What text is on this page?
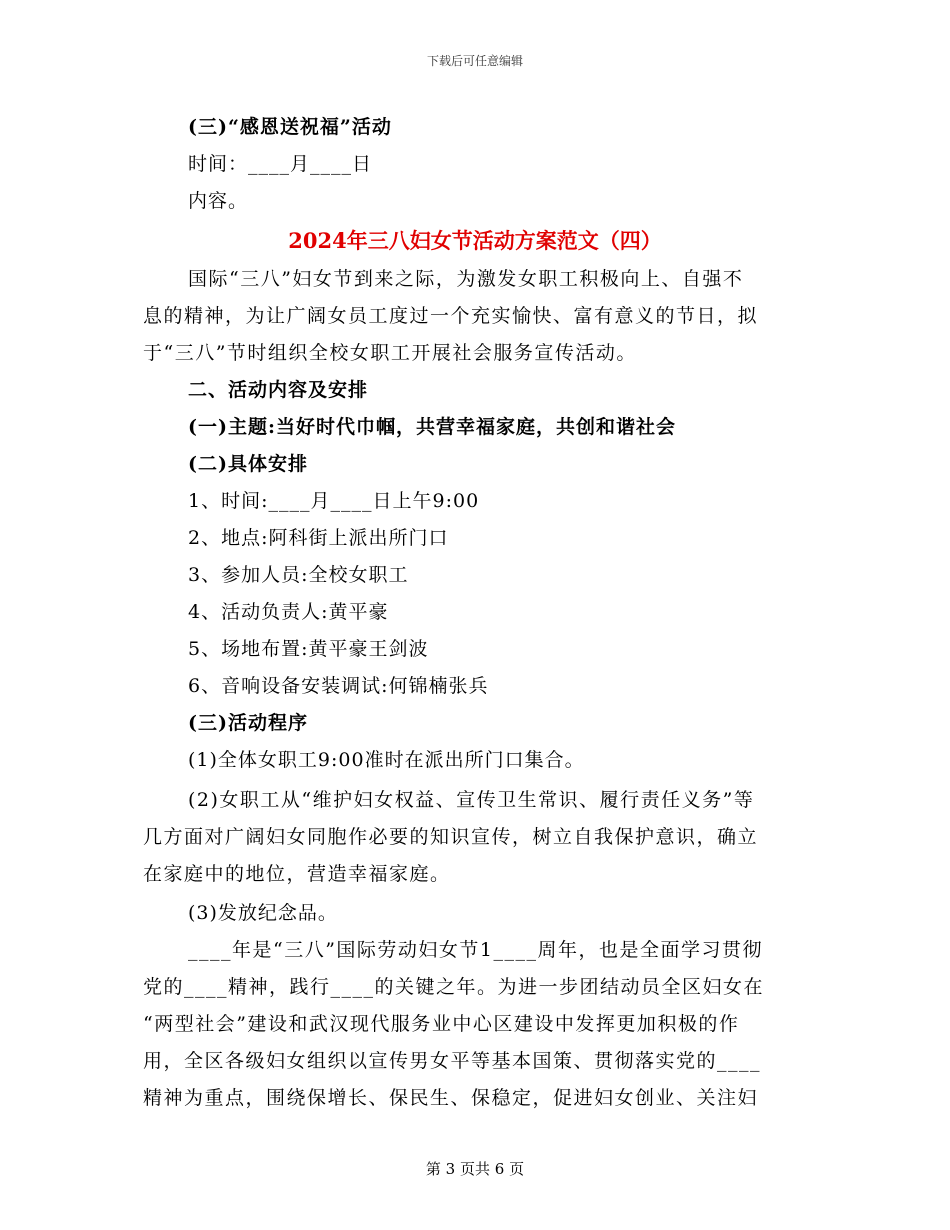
下载后可任意编辑
(三)“感恩送祝福”活动
时间：____月____日
内容。
2024年三八妇女节活动方案范文（四）
国际“三八”妇女节到来之际，为激发女职工积极向上、自强不
息的精神，为让广阔女员工度过一个充实愉快、富有意义的节日，拟
于“三八”节时组织全校女职工开展社会服务宣传活动。
二、活动内容及安排
(一)主题:当好时代巾帼，共营幸福家庭，共创和谐社会
(二)具体安排
1、时间:____月____日上午9:00
2、地点:阿科街上派出所门口
3、参加人员:全校女职工
4、活动负责人:黄平豪
5、场地布置:黄平豪王剑波
6、音响设备安装调试:何锦楠张兵
(三)活动程序
(1)全体女职工9:00准时在派出所门口集合。
(2)女职工从“维护妇女权益、宣传卫生常识、履行责任义务”等
几方面对广阔妇女同胞作必要的知识宣传，树立自我保护意识，确立
在家庭中的地位，营造幸福家庭。
(3)发放纪念品。
____年是“三八”国际劳动妇女节1____周年，也是全面学习贯彻
党的____精神，践行____的关键之年。为进一步团结动员全区妇女在
“两型社会”建设和武汉现代服务业中心区建设中发挥更加积极的作
用，全区各级妇女组织以宣传男女平等基本国策、贯彻落实党的____
精神为重点，围绕保增长、保民生、保稳定，促进妇女创业、关注妇
第 3 页共 6 页
